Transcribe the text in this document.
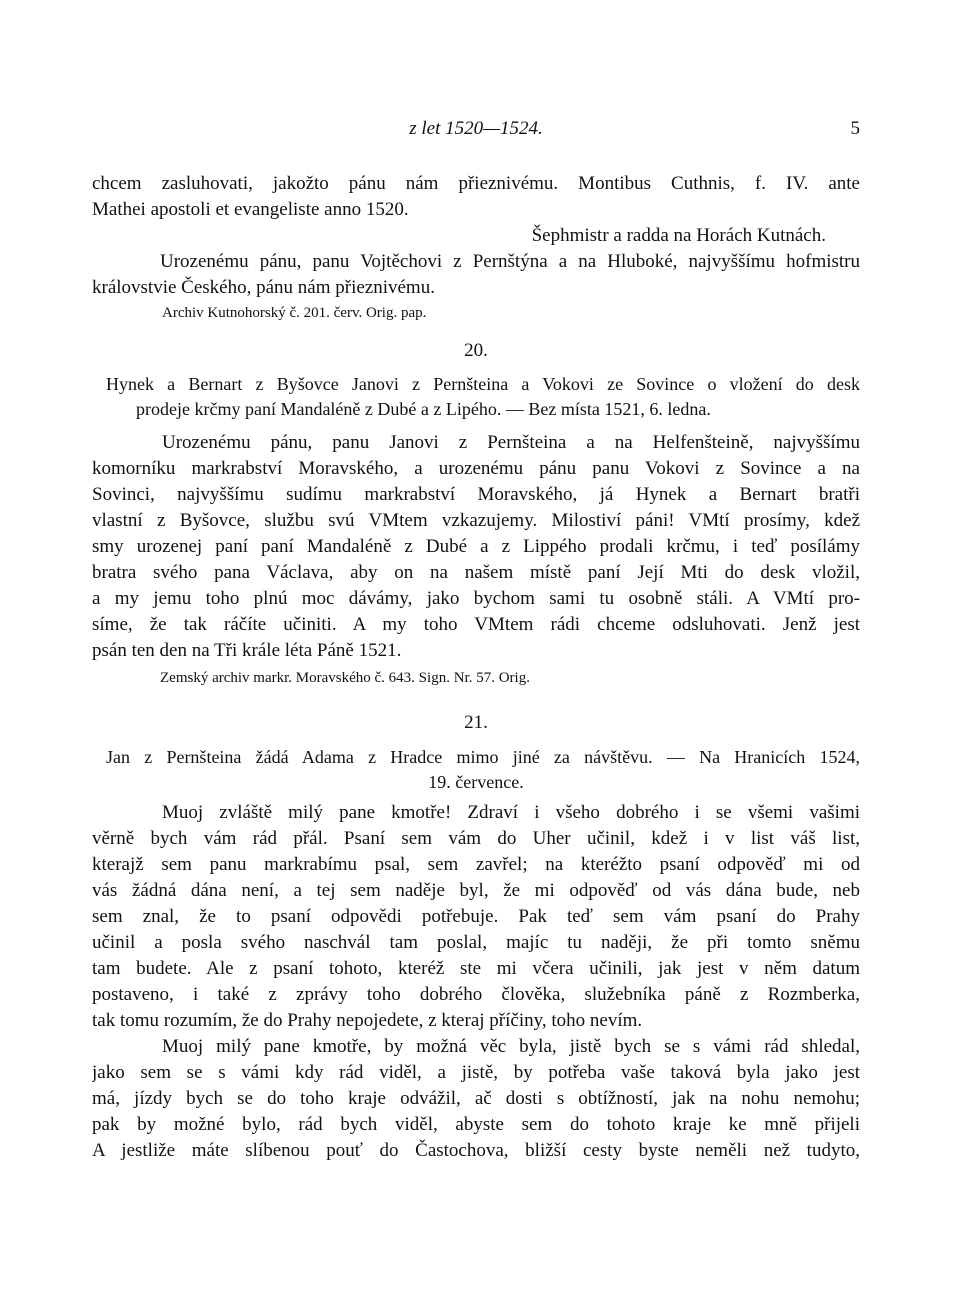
z let 1520—1524.	5
chcem zasluhovati, jakožto pánu nám přieznivému. Montibus Cuthnis, f. IV. ante
Mathei apostoli et evangeliste anno 1520.
Šephmistr a radda na Horách Kutnách.
Urozenému pánu, panu Vojtěchovi z Pernštýna a na Hluboké, najvyššímu hofmistru
královstvie Českého, pánu nám přieznivému.
Archiv Kutnohorský č. 201. červ. Orig. pap.
20.
Hynek a Bernart z Byšovce Janovi z Pernšteina a Vokovi ze Sovince o vložení do desk
prodeje krčmy paní Mandaléně z Dubé a z Lipého. — Bez místa 1521, 6. ledna.
Urozenému pánu, panu Janovi z Pernšteina a na Helfenšteině, najvyššímu
komorníku markrabství Moravského, a urozenému pánu panu Vokovi z Sovince a na
Sovinci, najvyššímu sudímu markrabství Moravského, já Hynek a Bernart bratři
vlastní z Byšovce, službu svú VMtem vzkazujemy. Milostiví páni! VMtí prosímy, kdež
smy urozenej paní paní Mandaléně z Dubé a z Lippého prodali krčmu, i teď posílámy
bratra svého pana Václava, aby on na našem místě paní Její Mti do desk vložil,
a my jemu toho plnú moc dávámy, jako bychom sami tu osobně stáli. A VMtí pro-
síme, že tak ráčíte učiniti. A my toho VMtem rádi chceme odsluhovati. Jenž jest
psán ten den na Tři krále léta Páně 1521.
Zemský archiv markr. Moravského č. 643. Sign. Nr. 57. Orig.
21.
Jan z Pernšteina žádá Adama z Hradce mimo jiné za návštěvu. — Na Hranicích 1524,
19. července.
Muoj zvláště milý pane kmotře! Zdraví i všeho dobrého i se všemi vašimi
věrně bych vám rád přál. Psaní sem vám do Uher učinil, kdež i v list váš list,
kterajž sem panu markrabímu psal, sem zavřel; na kteréžto psaní odpověď mi od
vás žádná dána není, a tej sem naděje byl, že mi odpověď od vás dána bude, neb
sem znal, že to psaní odpovědi potřebuje. Pak teď sem vám psaní do Prahy
učinil a posla svého naschvál tam poslal, majíc tu naději, že při tomto sněmu
tam budete. Ale z psaní tohoto, kteréž ste mi včera učinili, jak jest v něm datum
postaveno, i také z zprávy toho dobrého člověka, služebníka páně z Rozmberka,
tak tomu rozumím, že do Prahy nepojedete, z kteraj příčiny, toho nevím.
Muoj milý pane kmotře, by možná věc byla, jistě bych se s vámi rád shledal,
jako sem se s vámi kdy rád viděl, a jistě, by potřeba vaše taková byla jako jest
má, jízdy bych se do toho kraje odvážil, ač dosti s obtížností, jak na nohu nemohu;
pak by možné bylo, rád bych viděl, abyste sem do tohoto kraje ke mně přijeli
A jestliže máte slíbenou pouť do Častochova, bližší cesty byste neměli než tudyto,
